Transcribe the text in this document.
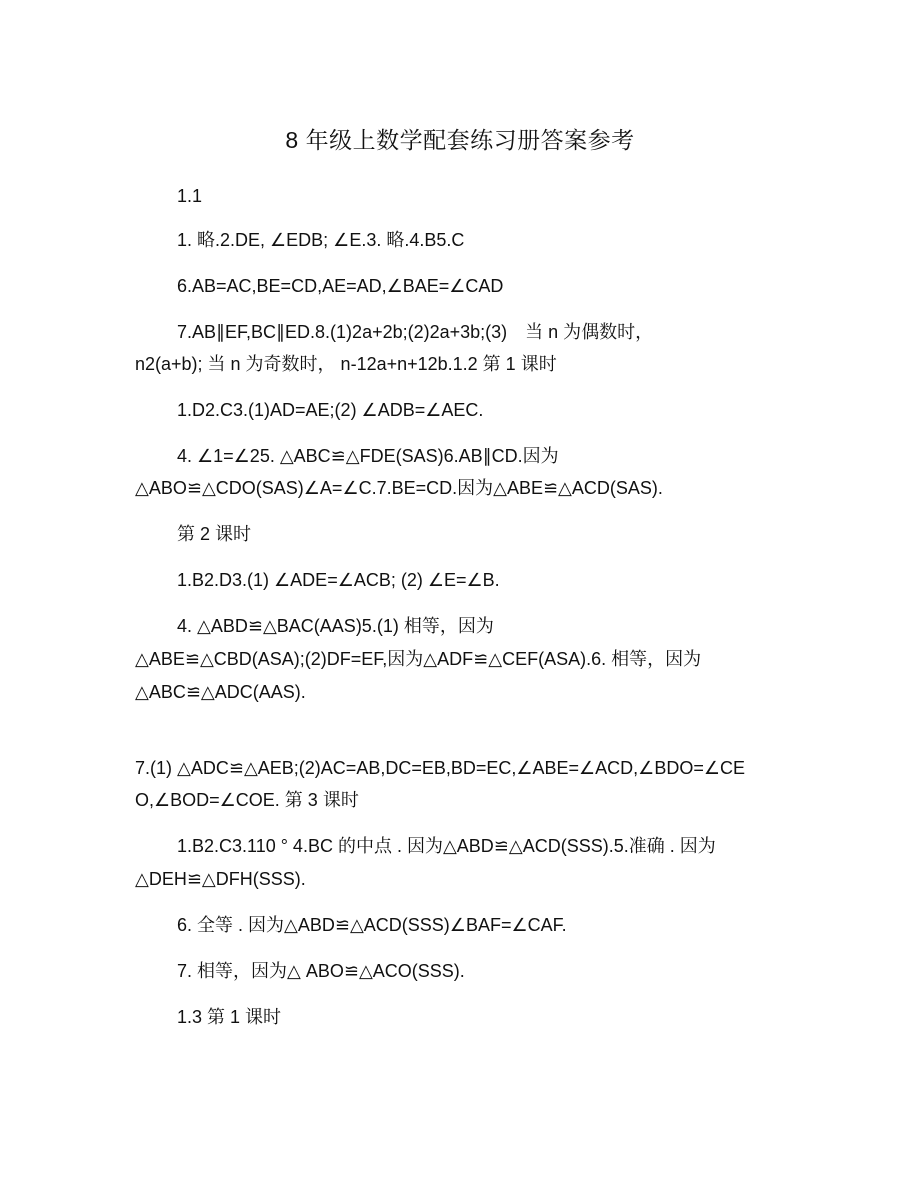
8 年级上数学配套练习册答案参考
1.1
1. 略.2.DE, ∠EDB; ∠E.3. 略.4.B5.C
6.AB=AC,BE=CD,AE=AD,∠BAE=∠CAD
7.AB∥EF,BC∥ED.8.(1)2a+2b;(2)2a+3b;(3)　当 n 为偶数时，
n2(a+b); 当 n 为奇数时， n-12a+n+12b.1.2 第 1 课时
1.D2.C3.(1)AD=AE;(2) ∠ADB=∠AEC.
4. ∠1=∠25. △ABC≌△FDE(SAS)6.AB∥CD.因为
△ABO≌△CDO(SAS)∠A=∠C.7.BE=CD.因为△ABE≌△ACD(SAS).
第 2 课时
1.B2.D3.(1) ∠ADE=∠ACB; (2) ∠E=∠B.
4. △ABD≌△BAC(AAS)5.(1) 相等，因为
△ABE≌△CBD(ASA);(2)DF=EF,因为△ADF≌△CEF(ASA).6. 相等，因为
△ABC≌△ADC(AAS).
7.(1) △ADC≌△AEB;(2)AC=AB,DC=EB,BD=EC,∠ABE=∠ACD,∠BDO=∠CE
O,∠BOD=∠COE. 第 3 课时
1.B2.C3.110 ° 4.BC 的中点 . 因为△ABD≌△ACD(SSS).5.准确 . 因为
△DEH≌△DFH(SSS).
6. 全等 . 因为△ABD≌△ACD(SSS)∠BAF=∠CAF.
7. 相等，因为△ ABO≌△ACO(SSS).
1.3 第 1 课时
